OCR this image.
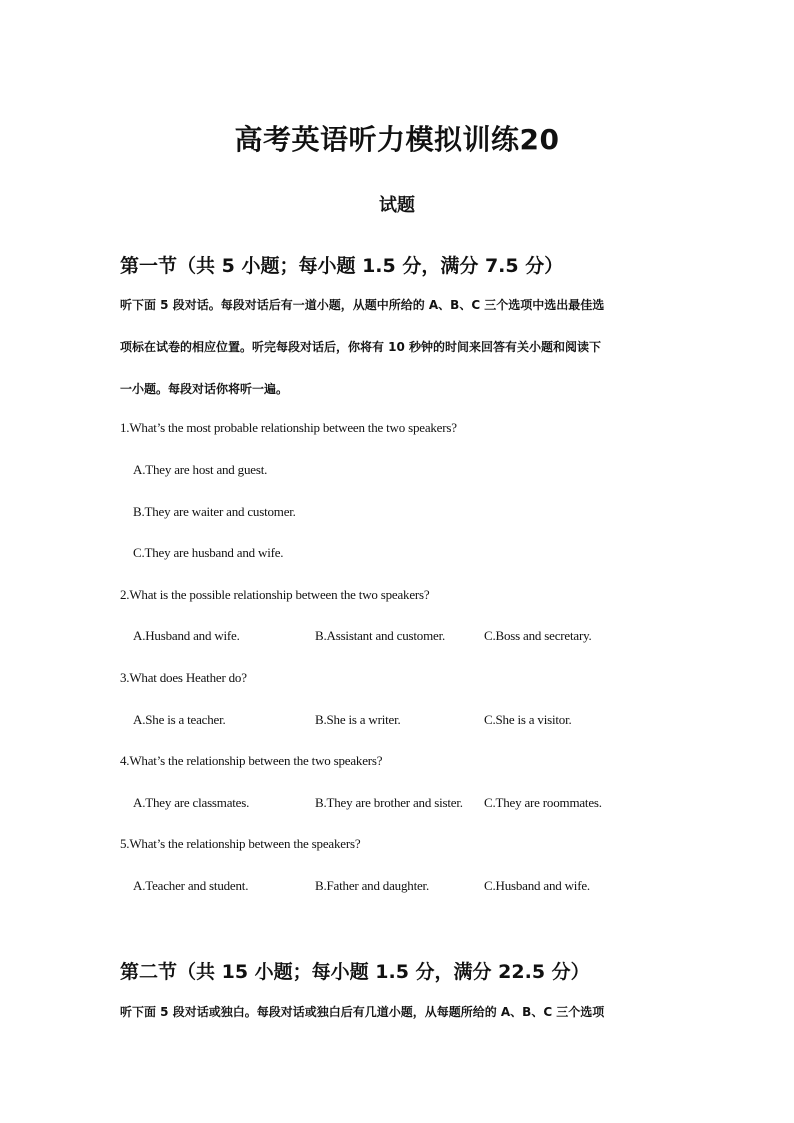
高考英语听力模拟训练20
试题
第一节（共 5 小题；每小题 1.5 分，满分 7.5 分）
听下面 5 段对话。每段对话后有一道小题，从题中所给的 A、B、C 三个选项中选出最佳选
项标在试卷的相应位置。听完每段对话后，你将有 10 秒钟的时间来回答有关小题和阅读下
一小题。每段对话你将听一遍。
1.What’s the most probable relationship between the two speakers?
A.They are host and guest.
B.They are waiter and customer.
C.They are husband and wife.
2.What is the possible relationship between the two speakers?
A.Husband and wife.	B.Assistant and customer.	C.Boss and secretary.
3.What does Heather do?
A.She is a teacher.	B.She is a writer.	C.She is a visitor.
4.What’s the relationship between the two speakers?
A.They are classmates.	B.They are brother and sister. C.They are roommates.
5.What’s the relationship between the speakers?
A.Teacher and student.	B.Father and daughter.	C.Husband and wife.
第二节（共 15 小题；每小题 1.5 分，满分 22.5 分）
听下面 5 段对话或独白。每段对话或独白后有几道小题，从每题所给的 A、B、C 三个选项
